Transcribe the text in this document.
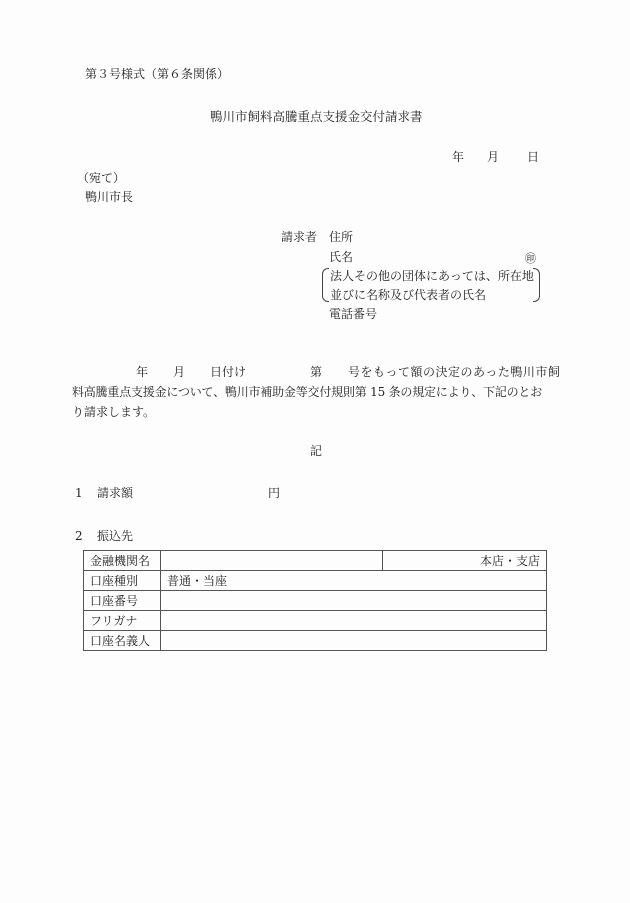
第３号様式（第６条関係）
鴨川市飼料高騰重点支援金交付請求書
年 月 日
（宛て）
鴨川市長
請求者 住所
氏名	㊞
法人その他の団体にあっては、所在地
並びに名称及び代表者の氏名
電話番号
年 月 日付け	第 号をもって額の決定のあった鴨川市飼
料高騰重点支援金について、鴨川市補助金等交付規則第 15 条の規定により、下記のとお
り請求します。
記
1 請求額	円
2 振込先
金融機関名		本店・支店
口座種別	普通・当座	
口座番号		
フリガナ		
口座名義人		
